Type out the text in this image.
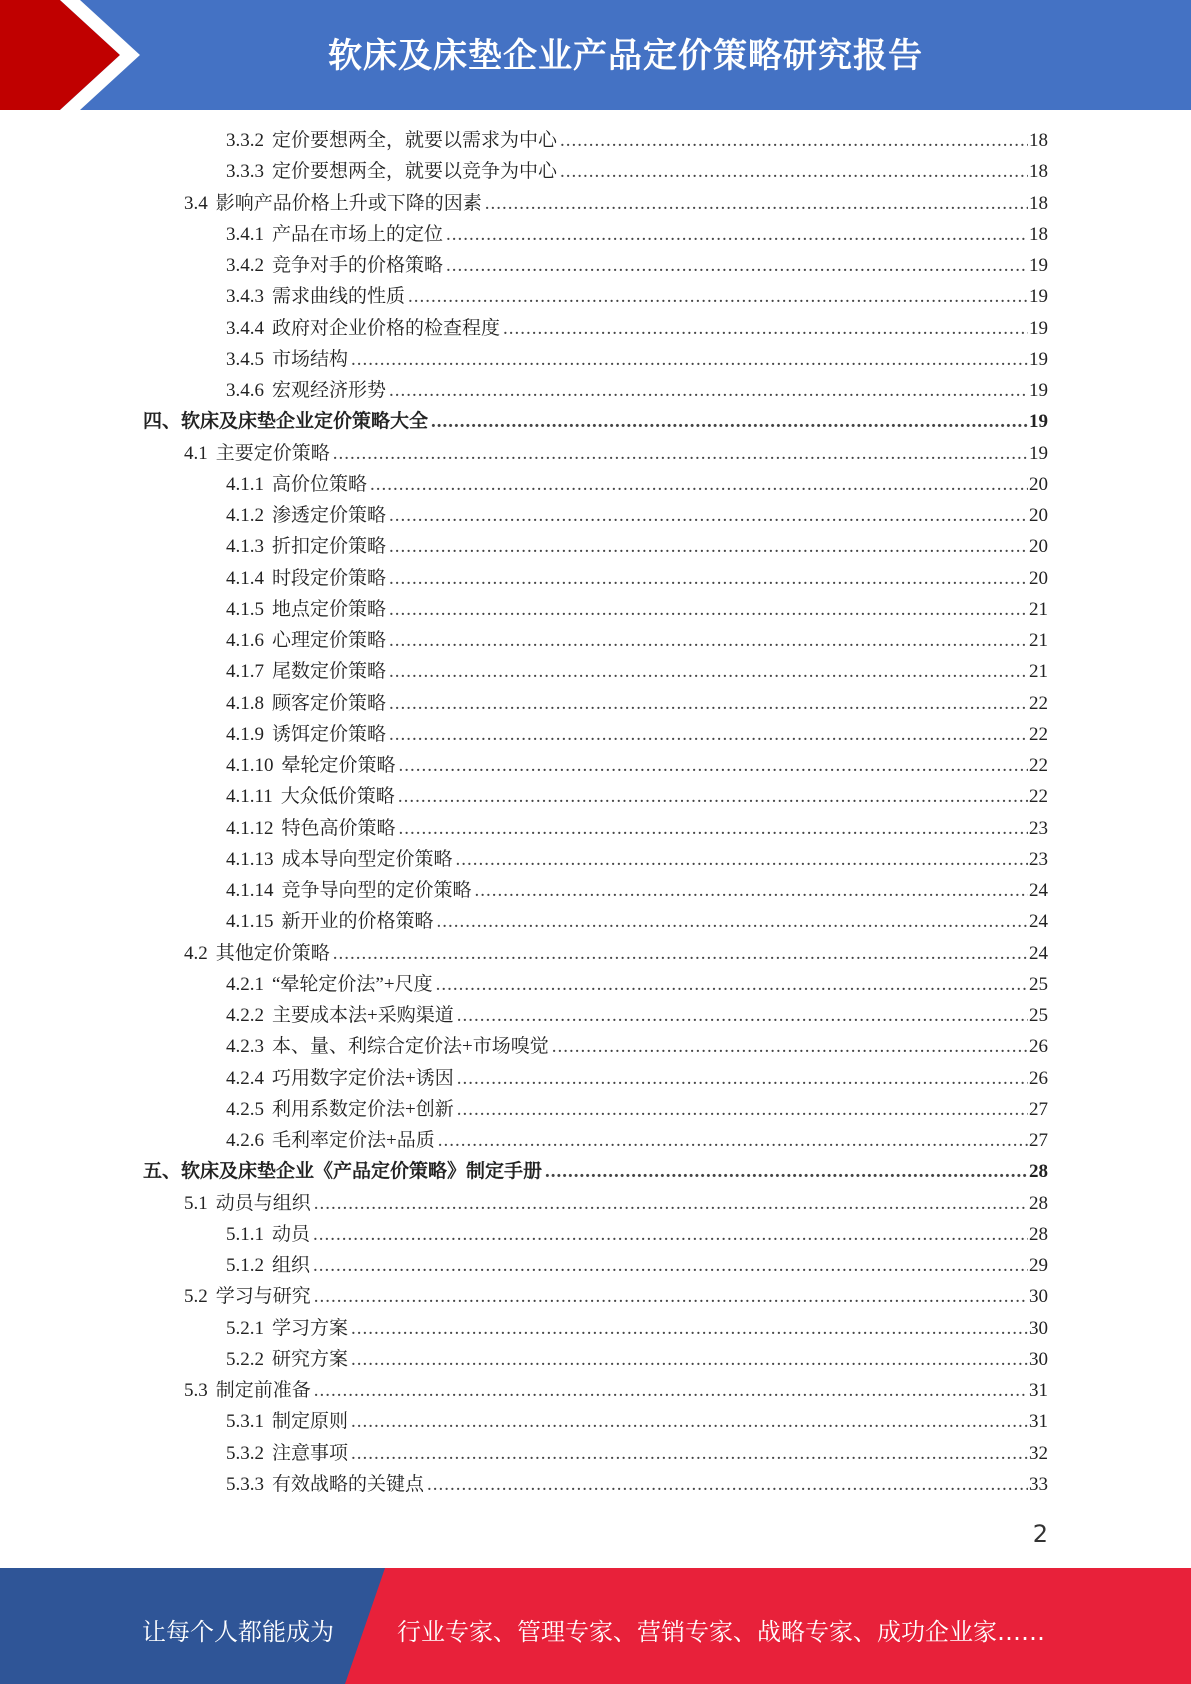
软床及床垫企业产品定价策略研究报告
3.3.2 定价要想两全，就要以需求为中心 .....	18
3.3.3 定价要想两全，就要以竞争为中心 .....	18
3.4 影响产品价格上升或下降的因素 .....	18
3.4.1 产品在市场上的定位 .....	18
3.4.2 竞争对手的价格策略 .....	19
3.4.3 需求曲线的性质 .....	19
3.4.4 政府对企业价格的检查程度 .....	19
3.4.5 市场结构 .....	19
3.4.6 宏观经济形势 .....	19
四、 软床及床垫企业定价策略大全 .....	19
4.1 主要定价策略 .....	19
4.1.1 高价位策略 .....	20
4.1.2 渗透定价策略 .....	20
4.1.3 折扣定价策略 .....	20
4.1.4 时段定价策略 .....	20
4.1.5 地点定价策略 .....	21
4.1.6 心理定价策略 .....	21
4.1.7 尾数定价策略 .....	21
4.1.8 顾客定价策略 .....	22
4.1.9 诱饵定价策略 .....	22
4.1.10 晕轮定价策略 .....	22
4.1.11 大众低价策略 .....	22
4.1.12 特色高价策略 .....	23
4.1.13 成本导向型定价策略 .....	23
4.1.14 竞争导向型的定价策略 .....	24
4.1.15 新开业的价格策略 .....	24
4.2 其他定价策略 .....	24
4.2.1 “晕轮定价法”+尺度 .....	25
4.2.2 主要成本法+采购渠道 .....	25
4.2.3 本、量、利综合定价法+市场嗅觉 .....	26
4.2.4 巧用数字定价法+诱因 .....	26
4.2.5 利用系数定价法+创新 .....	27
4.2.6 毛利率定价法+品质 .....	27
五、 软床及床垫企业《产品定价策略》制定手册 .....	28
5.1 动员与组织 .....	28
5.1.1 动员 .....	28
5.1.2 组织 .....	29
5.2 学习与研究 .....	30
5.2.1 学习方案 .....	30
5.2.2 研究方案 .....	30
5.3 制定前准备 .....	31
5.3.1 制定原则 .....	31
5.3.2 注意事项 .....	32
5.3.3 有效战略的关键点 .....	33
2
让每个人都能成为	行业专家、管理专家、营销专家、战略专家、成功企业家……
